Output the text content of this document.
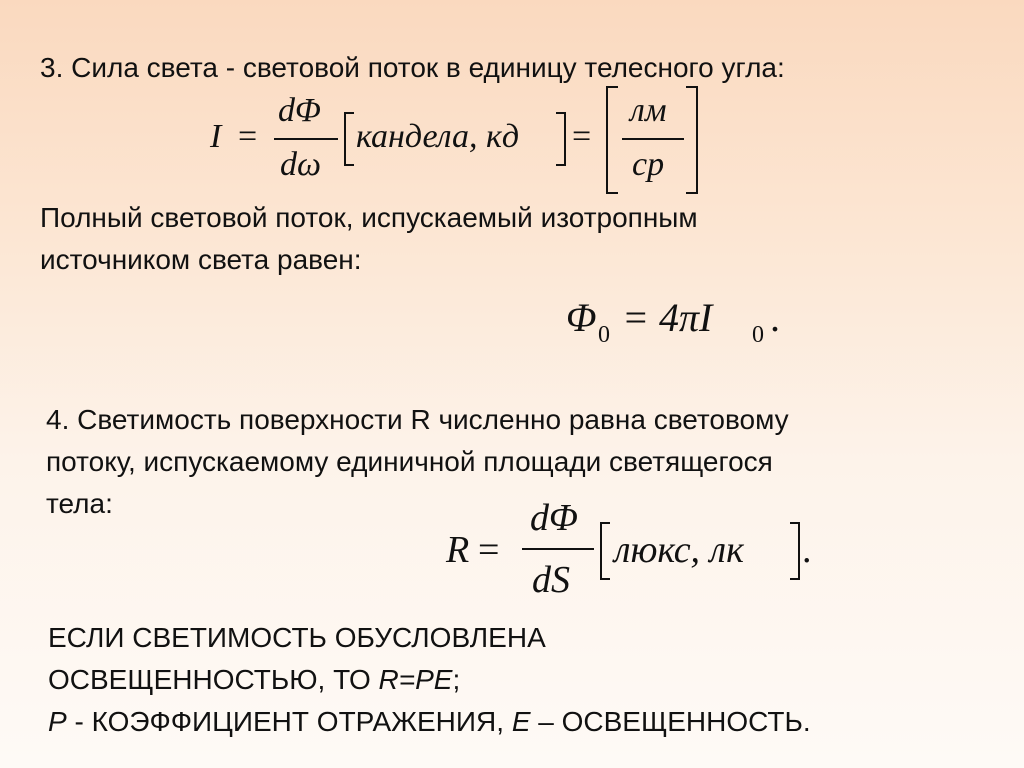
3. Сила света - световой поток в единицу телесного угла:

I =
dΦ
dω
кандела, кд =
лм
ср

Полный световой поток, испускаемый изотропным

источником света равен:

Φ 0 = 4πI 0 .

4. Светимость поверхности R численно равна световому

потоку, испускаемому единичной площади светящегося

тела:

R =
dΦ
dS
люкс, лк .

ЕСЛИ СВЕТИМОСТЬ ОБУСЛОВЛЕНА

ОСВЕЩЕННОСТЬЮ, ТО R=PE;

P - КОЭФФИЦИЕНТ ОТРАЖЕНИЯ, E – ОСВЕЩЕННОСТЬ.
